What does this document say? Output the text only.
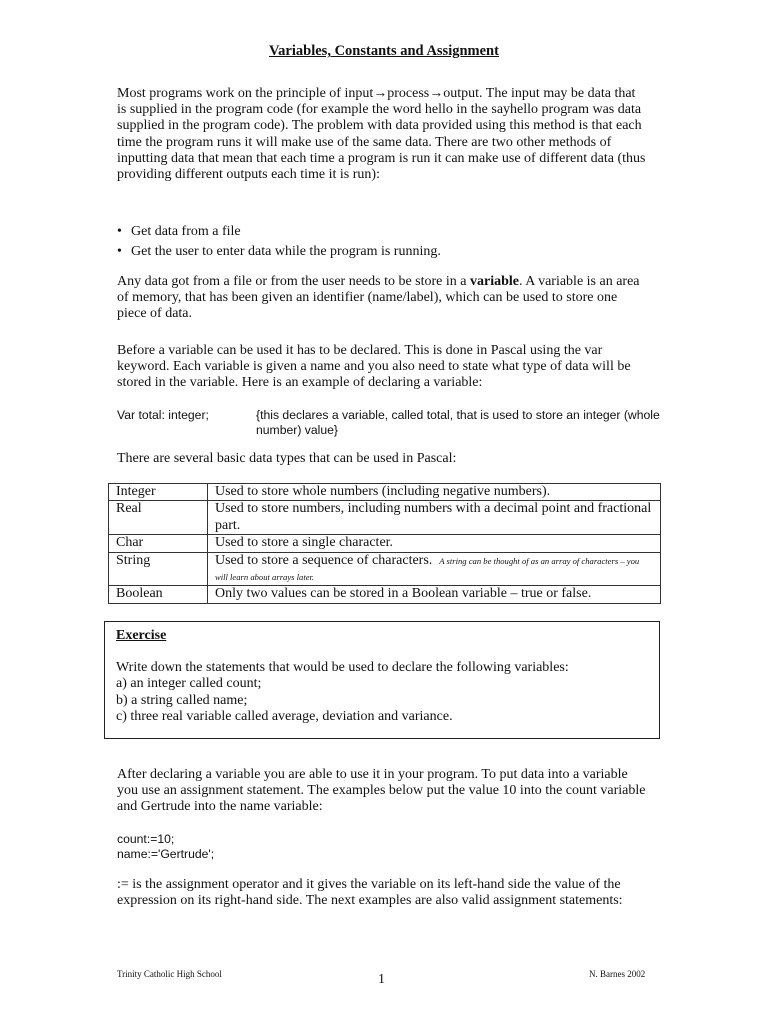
Variables, Constants and Assignment
Most programs work on the principle of input→process→output. The input may be data that is supplied in the program code (for example the word hello in the sayhello program was data supplied in the program code). The problem with data provided using this method is that each time the program runs it will make use of the same data. There are two other methods of inputting data that mean that each time a program is run it can make use of different data (thus providing different outputs each time it is run):
• Get data from a file
• Get the user to enter data while the program is running.
Any data got from a file or from the user needs to be store in a variable. A variable is an area of memory, that has been given an identifier (name/label), which can be used to store one piece of data.
Before a variable can be used it has to be declared. This is done in Pascal using the var keyword. Each variable is given a name and you also need to state what type of data will be stored in the variable. Here is an example of declaring a variable:
Var total: integer;	{this declares a variable, called total, that is used to store an integer (whole number) value}
There are several basic data types that can be used in Pascal:
Integer	Used to store whole numbers (including negative numbers).
Real	Used to store numbers, including numbers with a decimal point and fractional part.
Char	Used to store a single character.
String	Used to store a sequence of characters. A string can be thought of as an array of characters – you will learn about arrays later.
Boolean	Only two values can be stored in a Boolean variable – true or false.
Exercise
Write down the statements that would be used to declare the following variables:
a) an integer called count;
b) a string called name;
c) three real variable called average, deviation and variance.
After declaring a variable you are able to use it in your program. To put data into a variable you use an assignment statement. The examples below put the value 10 into the count variable and Gertrude into the name variable:
count:=10;
name:='Gertrude';
:= is the assignment operator and it gives the variable on its left-hand side the value of the expression on its right-hand side. The next examples are also valid assignment statements:
Trinity Catholic High School	1	N. Barnes 2002
